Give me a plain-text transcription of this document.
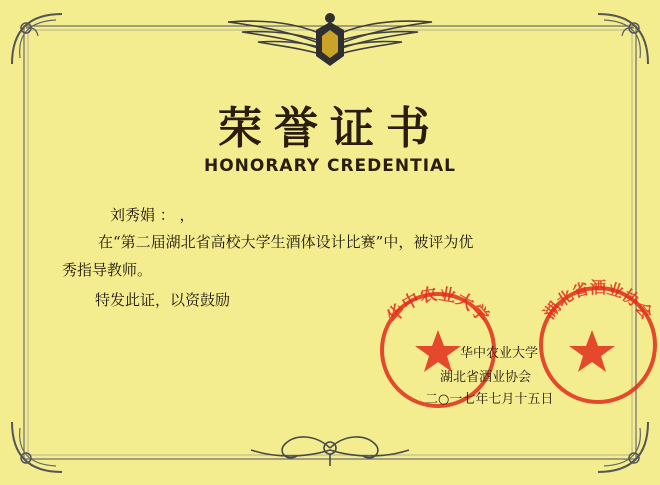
荣誉证书
HONORARY CREDENTIAL
刘秀娟 ： ，
在“第二届湖北省高校大学生酒体设计比赛”中，被评为优
秀指导教师。
特发此证，以资鼓励
华中农业大学	湖北省酒业协会
华中农业大学
湖北省酒业协会
二○一七年七月十五日
